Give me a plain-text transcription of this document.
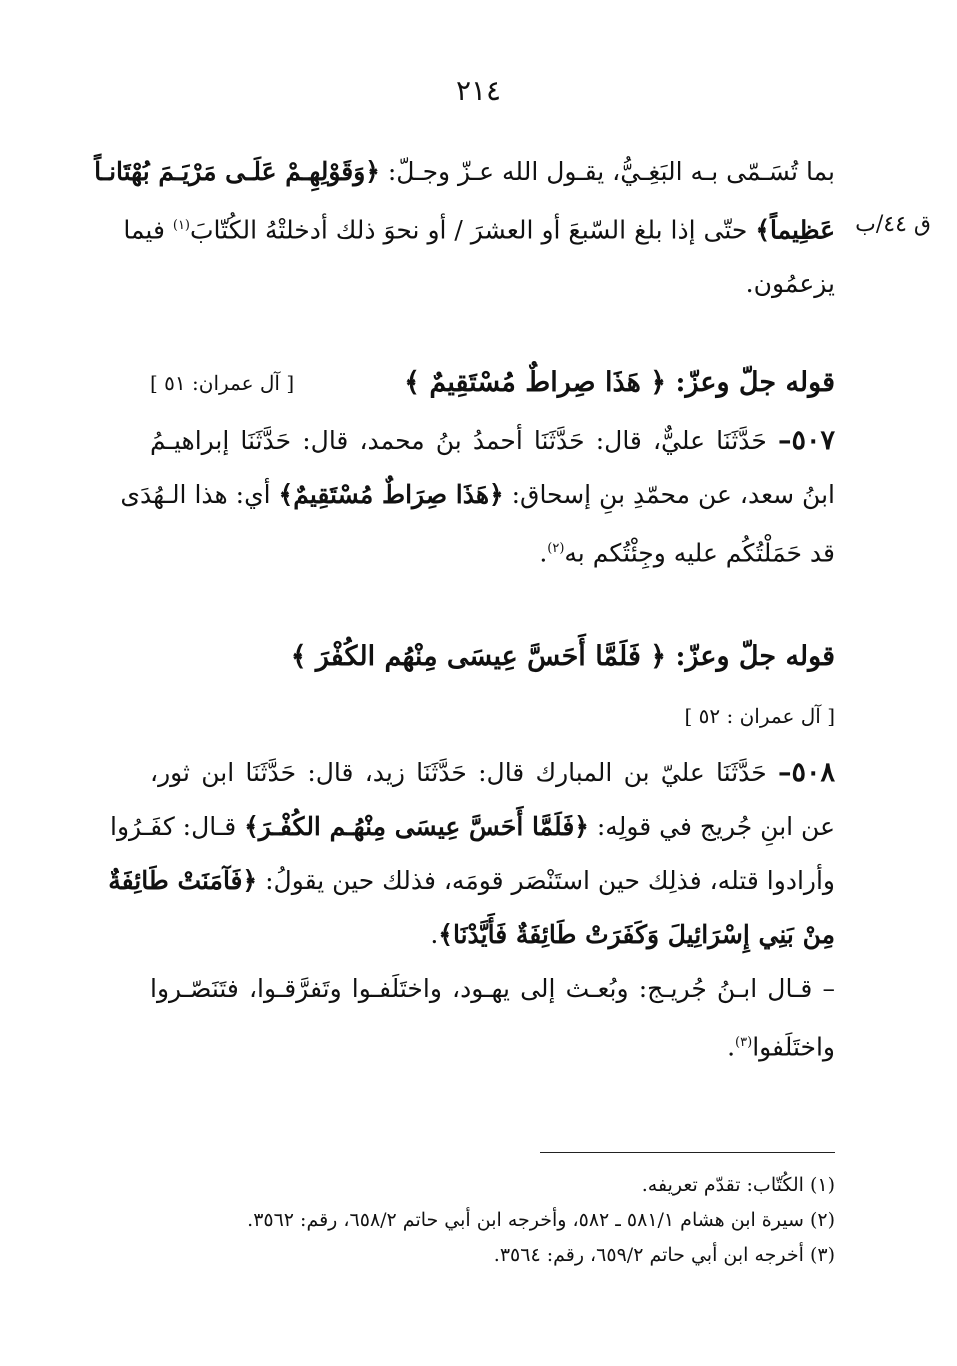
٢١٤
ق ٤٤/ب
بما تُسَـمّى بـه البَغِـيُّ، يقـول الله عـزّ وجـلّ: ﴿وَقَوْلِهِـمْ عَلَـى مَرْيَـمَ بُهْتَانـاً
عَظِيماً﴾ حتّى إذا بلغ السّبعَ أو العشرَ / أو نحوَ ذلك أدخلتْهُ الكُتّابَ$^{(١)}$ فيما
يزعمُون.
قوله جلّ وعزّ: ﴿ هَذَا صِراطٌ مُسْتَقِيمٌ ﴾
[ آل عمران: ٥١ ]
٥٠٧– حَدَّثَنَا عليٌّ، قال: حَدَّثَنَا أحمدُ بنُ محمد، قال: حَدَّثَنَا إبراهيـمُ
ابنُ سعد، عن محمّدِ بنِ إسحاق: ﴿هَذَا صِرَاطٌ مُسْتَقِيمٌ﴾ أي: هذا الـهُدَى
قد حَمَلْتُكُم عليه وجِئْتُكم به$^{(٢)}$.
قوله جلّ وعزّ: ﴿ فَلَمَّا أَحَسَّ عِيسَى مِنْهُم الكُفْرَ ﴾
[ آل عمران : ٥٢ ]
٥٠٨– حَدَّثَنَا عليّ بن المبارك قال: حَدَّثَنَا زيد، قال: حَدَّثَنَا ابن ثور،
عن ابنِ جُريج في قولِه: ﴿فَلَمَّا أَحَسَّ عِيسَى مِنْهُـم الكُفْـرَ﴾ قـال: كفَـرُوا
وأرادوا قتله، فذلِك حين استَنْصَر قومَه، فذلك حين يقولُ: ﴿فَآمَنَتْ طَائِفَةٌ
مِنْ بَنِي إِسْرَائِيلَ وَكَفَرَتْ طَائِفَةٌ فَأَيَّدْنَا﴾.
– قـال ابـنُ جُريـج: وبُعـث إلى يهـود، واختَلَفـوا وتَفرَّقـوا، فتَنَصّـروا
واختَلَفوا$^{(٣)}$.
(١) الكُتّاب: تقدّم تعريفه.
(٢) سيرة ابن هشام ٥٨١/١ ـ ٥٨٢، وأخرجه ابن أبي حاتم ٦٥٨/٢، رقم: ٣٥٦٢.
(٣) أخرجه ابن أبي حاتم ٦٥٩/٢، رقم: ٣٥٦٤.
